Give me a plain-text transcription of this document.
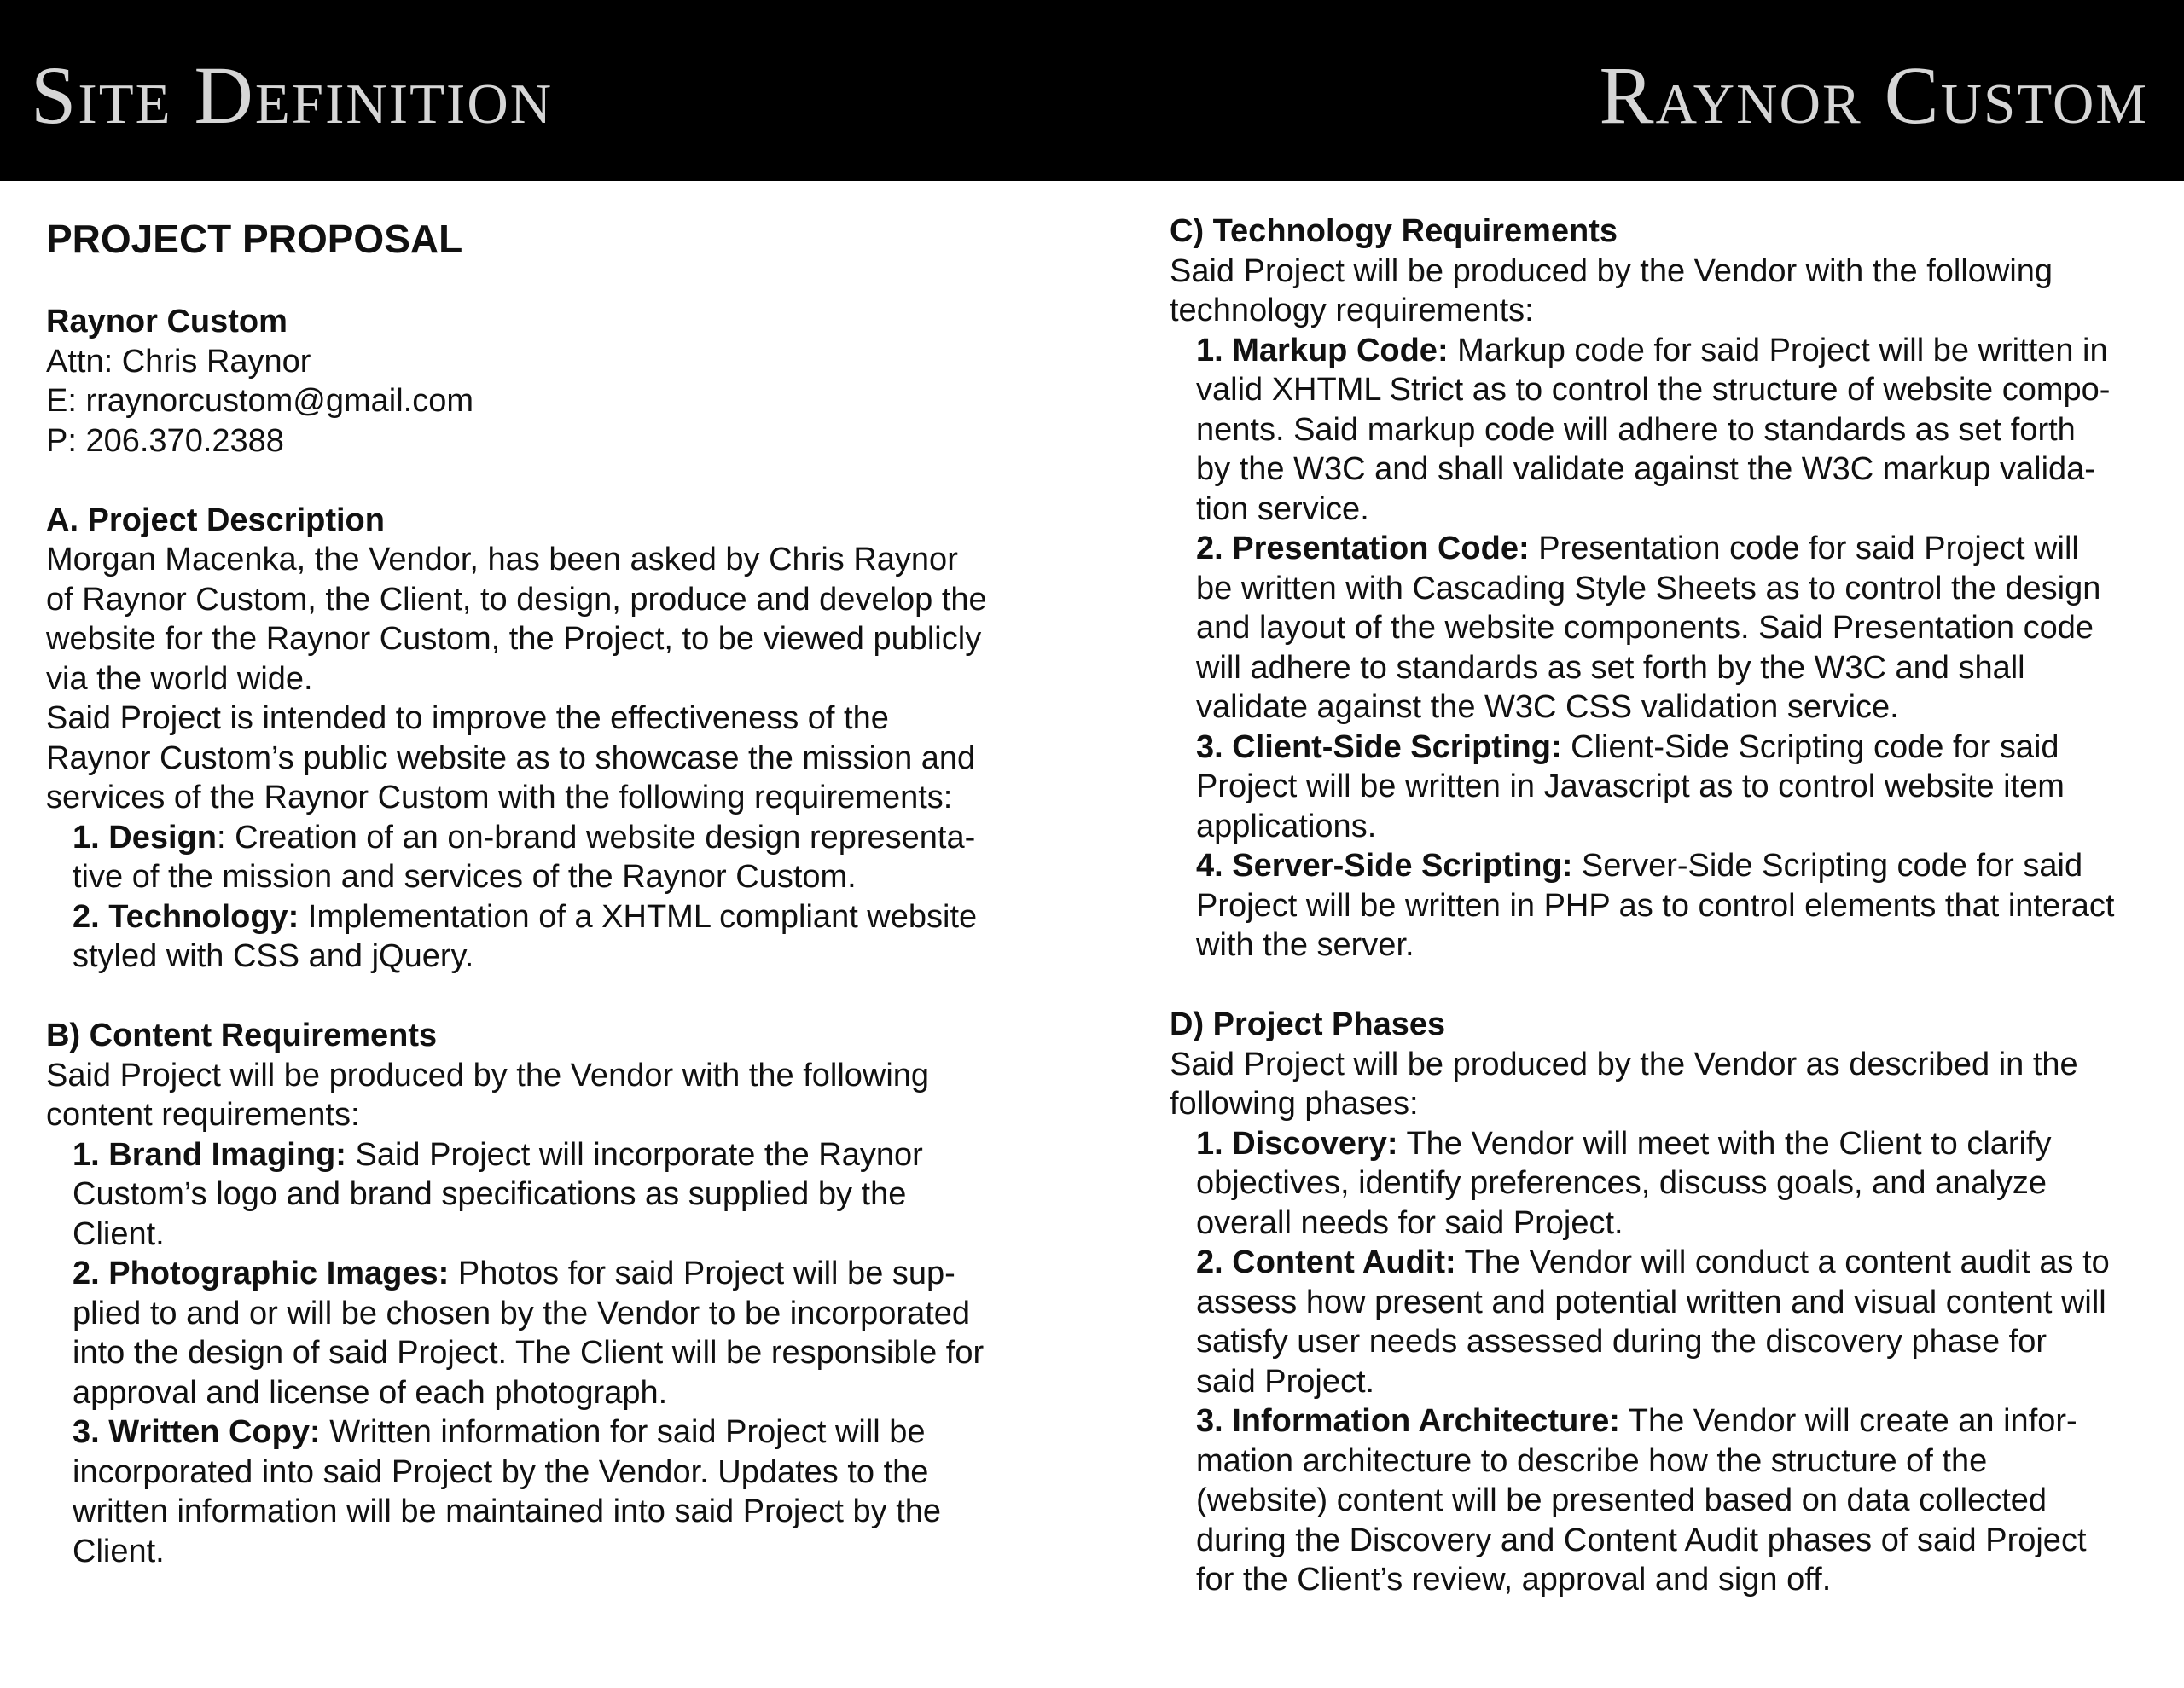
Site Definition	Raynor Custom
PROJECT PROPOSAL
Raynor Custom
Attn: Chris Raynor
E: rraynorcustom@gmail.com
P: 206.370.2388
A. Project Description
Morgan Macenka, the Vendor, has been asked by Chris Raynor
of Raynor Custom, the Client, to design, produce and develop the
website for the Raynor Custom, the Project, to be viewed publicly
via the world wide.
Said Project is intended to improve the effectiveness of the
Raynor Custom’s public website as to showcase the mission and
services of the Raynor Custom with the following requirements:
1. Design: Creation of an on-brand website design representa-
tive of the mission and services of the Raynor Custom.
2. Technology: Implementation of a XHTML compliant website
styled with CSS and jQuery.
B) Content Requirements
Said Project will be produced by the Vendor with the following
content requirements:
1. Brand Imaging: Said Project will incorporate the Raynor
Custom’s logo and brand specifications as supplied by the
Client.
2. Photographic Images: Photos for said Project will be sup-
plied to and or will be chosen by the Vendor to be incorporated
into the design of said Project. The Client will be responsible for
approval and license of each photograph.
3. Written Copy: Written information for said Project will be
incorporated into said Project by the Vendor. Updates to the
written information will be maintained into said Project by the
Client.
C) Technology Requirements
Said Project will be produced by the Vendor with the following
technology requirements:
1. Markup Code: Markup code for said Project will be written in
valid XHTML Strict as to control the structure of website compo-
nents. Said markup code will adhere to standards as set forth
by the W3C and shall validate against the W3C markup valida-
tion service.
2. Presentation Code: Presentation code for said Project will
be written with Cascading Style Sheets as to control the design
and layout of the website components. Said Presentation code
will adhere to standards as set forth by the W3C and shall
validate against the W3C CSS validation service.
3. Client-Side Scripting: Client-Side Scripting code for said
Project will be written in Javascript as to control website item
applications.
4. Server-Side Scripting: Server-Side Scripting code for said
Project will be written in PHP as to control elements that interact
with the server.
D) Project Phases
Said Project will be produced by the Vendor as described in the
following phases:
1. Discovery: The Vendor will meet with the Client to clarify
objectives, identify preferences, discuss goals, and analyze
overall needs for said Project.
2. Content Audit: The Vendor will conduct a content audit as to
assess how present and potential written and visual content will
satisfy user needs assessed during the discovery phase for
said Project.
3. Information Architecture: The Vendor will create an infor-
mation architecture to describe how the structure of the
(website) content will be presented based on data collected
during the Discovery and Content Audit phases of said Project
for the Client’s review, approval and sign off.
